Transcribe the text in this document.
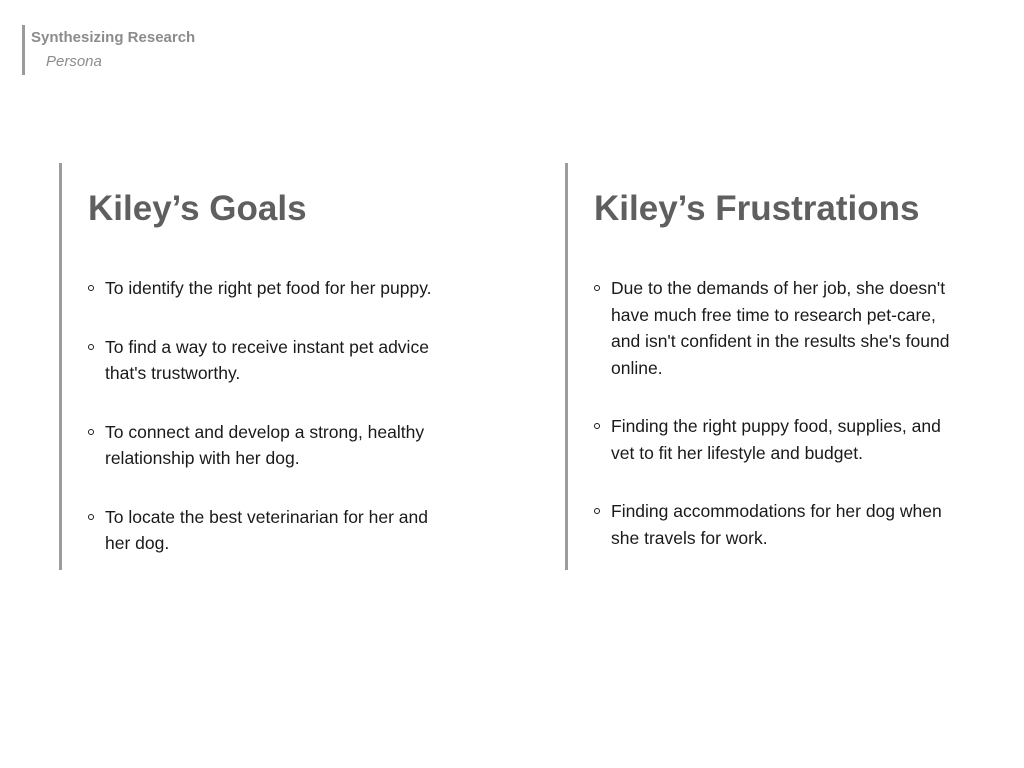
Synthesizing Research
Persona
Kiley’s Goals
To identify the right pet food for her puppy.
To find a way to receive instant pet advice that's trustworthy.
To connect and develop a strong, healthy relationship with her dog.
To locate the best veterinarian for her and her dog.
Kiley’s Frustrations
Due to the demands of her job, she doesn't have much free time to research pet-care, and isn't confident in the results she's found online.
Finding the right puppy food, supplies, and vet to fit her lifestyle and budget.
Finding accommodations for her dog when she travels for work.
